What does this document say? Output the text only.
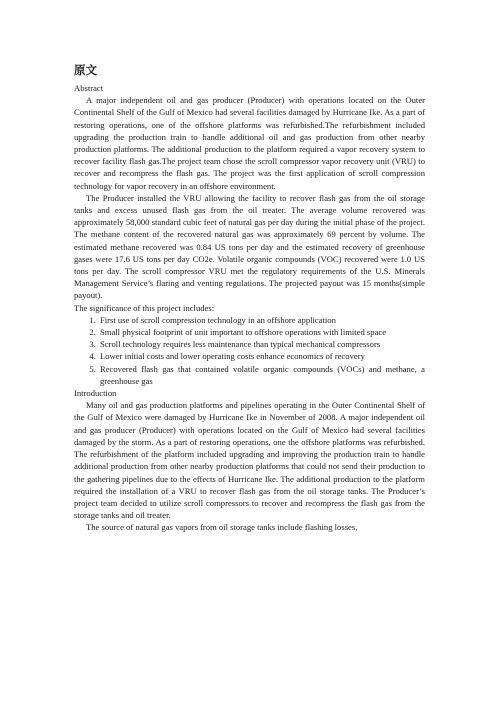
原文

Abstract

A major independent oil and gas producer (Producer) with operations located on the Outer Continental Shelf of the Gulf of Mexico had several facilities damaged by Hurricane Ike. As a part of restoring operations, one of the offshore platforms was refurbished.The refurbishment included upgrading the production train to handle additional oil and gas production from other nearby production platforms. The additional production to the platform required a vapor recovery system to recover facility flash gas.The project team chose the scroll compressor vapor recovery unit (VRU) to recover and recompress the flash gas. The project was the first application of scroll compression technology for vapor recovery in an offshore environment.

The Producer installed the VRU allowing the facility to recover flash gas from the oil storage tanks and excess unused flash gas from the oil treater. The average volume recovered was approximately 58,000 standard cubic feet of natural gas per day during the initial phase of the project. The methane content of the recovered natural gas was approximately 69 percent by volume. The estimated methane recovered was 0.84 US tons per day and the estimated recovery of greenhouse gases were 17.6 US tons per day CO2e. Volatile organic compounds (VOC) recovered were 1.0 US tons per day. The scroll compressor VRU met the regulatory requirements of the U.S. Minerals Management Service’s flaring and venting regulations. The projected payout was 15 months(simple payout).

The significance of this project includes:

1. First use of scroll compression technology in an offshore application
2. Small physical footprint of unit important to offshore operations with limited space
3. Scroll technology requires less maintenance than typical mechanical compressors
4. Lower initial costs and lower operating costs enhance economics of recovery
5. Recovered flash gas that contained volatile organic compounds (VOCs) and methane, a greenhouse gas

Introduction

Many oil and gas production platforms and pipelines operating in the Outer Continental Shelf of the Gulf of Mexico were damaged by Hurricane Ike in November of 2008. A major independent oil and gas producer (Producer) with operations located on the Gulf of Mexico had several facilities damaged by the storm. As a part of restoring operations, one the offshore platforms was refurbished. The refurbishment of the platform included upgrading and improving the production train to handle additional production from other nearby production platforms that could not send their production to the gathering pipelines due to the effects of Hurricane Ike. The additional production to the platform required the installation of a VRU to recover flash gas from the oil storage tanks. The Producer’s project team decided to utilize scroll compressors to recover and recompress the flash gas from the storage tanks and oil treater.

The source of natural gas vapors from oil storage tanks include flashing losses,
